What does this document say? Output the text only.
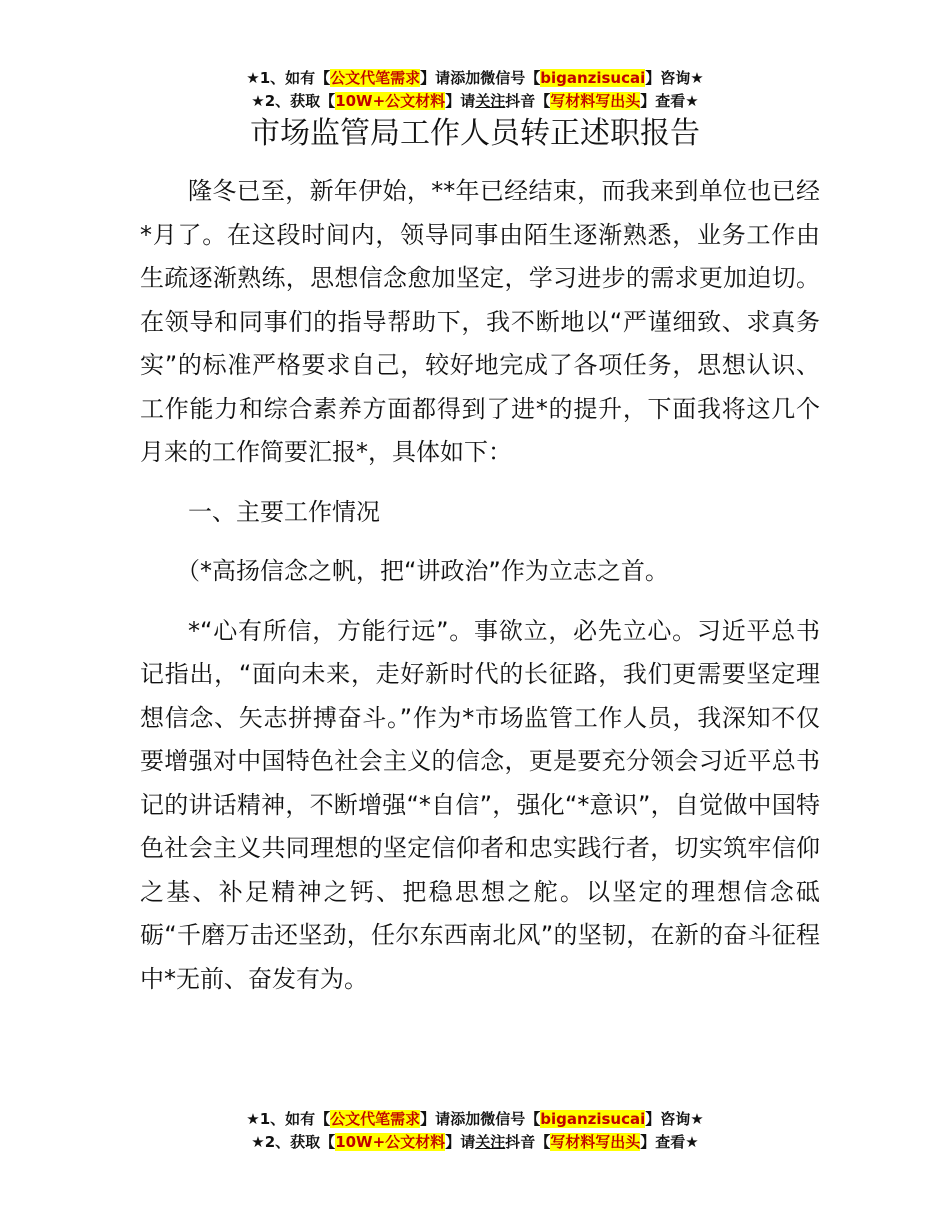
★1、如有【公文代笔需求】请添加微信号【biganzisucai】咨询★
★2、获取【10W+公文材料】请关注抖音【写材料写出头】查看★
市场监管局工作人员转正述职报告

隆冬已至，新年伊始，**年已经结束，而我来到单位也已经*月了。在这段时间内，领导同事由陌生逐渐熟悉，业务工作由生疏逐渐熟练，思想信念愈加坚定，学习进步的需求更加迫切。在领导和同事们的指导帮助下，我不断地以“严谨细致、求真务实”的标准严格要求自己，较好地完成了各项任务，思想认识、工作能力和综合素养方面都得到了进*的提升，下面我将这几个月来的工作简要汇报*，具体如下：

一、主要工作情况

（*高扬信念之帆，把“讲政治”作为立志之首。

*“心有所信，方能行远”。事欲立，必先立心。习近平总书记指出，“面向未来，走好新时代的长征路，我们更需要坚定理想信念、矢志拼搏奋斗。”作为*市场监管工作人员，我深知不仅要增强对中国特色社会主义的信念，更是要充分领会习近平总书记的讲话精神，不断增强“*自信”，强化“*意识”，自觉做中国特色社会主义共同理想的坚定信仰者和忠实践行者，切实筑牢信仰之基、补足精神之钙、把稳思想之舵。以坚定的理想信念砥砺“千磨万击还坚劲，任尔东西南北风”的坚韧，在新的奋斗征程中*无前、奋发有为。

★1、如有【公文代笔需求】请添加微信号【biganzisucai】咨询★
★2、获取【10W+公文材料】请关注抖音【写材料写出头】查看★
